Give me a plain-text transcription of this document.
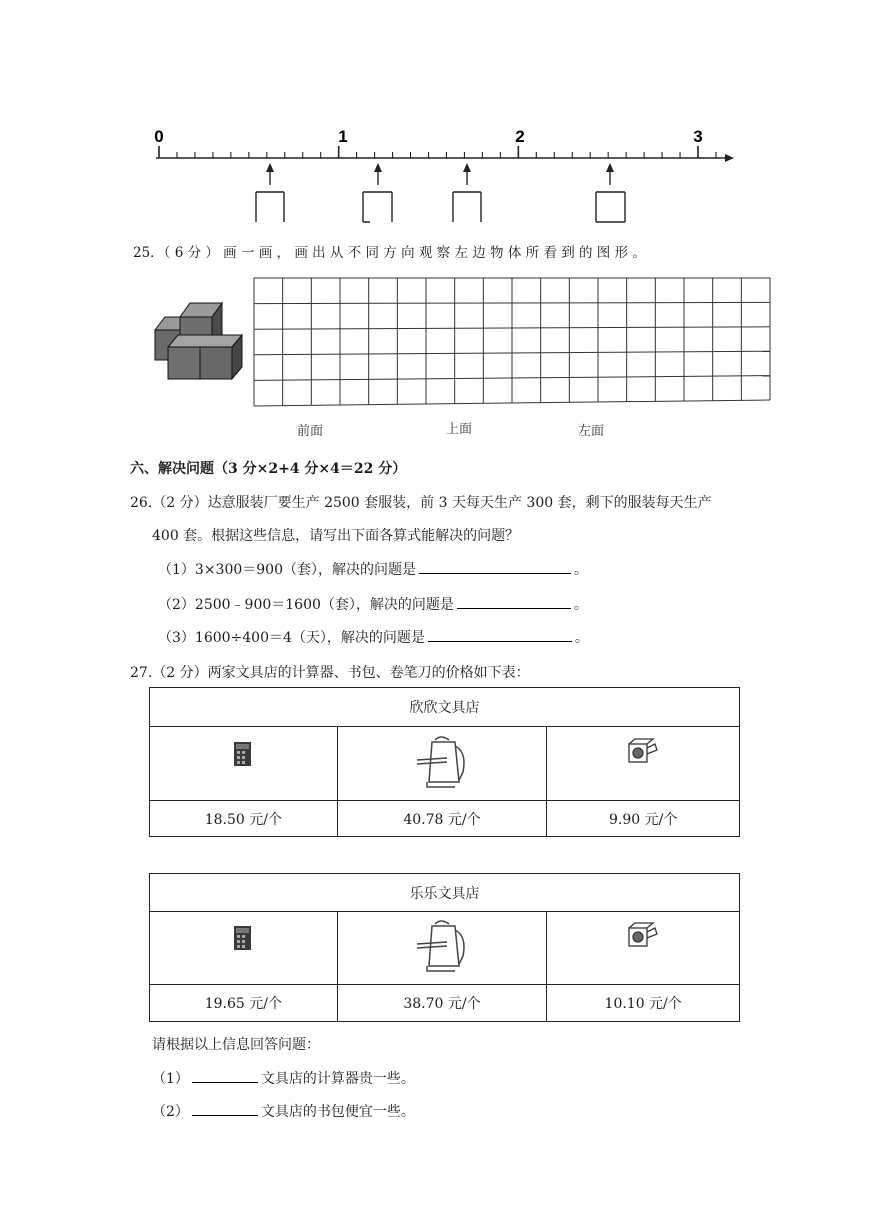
0	1	2	3
25．（ 6 分 ） 画 一 画 ， 画 出 从 不 同 方 向 观 察 左 边 物 体 所 看 到 的 图 形 。
前面	上面	左面
六、解决问题（3 分×2+4 分×4＝22 分）
26.（2 分）达意服装厂要生产 2500 套服装，前 3 天每天生产 300 套，剩下的服装每天生产
400 套。根据这些信息，请写出下面各算式能解决的问题？
（1）3×300＝900（套），解决的问题是	。
（2）2500﹣900＝1600（套），解决的问题是	。
（3）1600÷400＝4（天），解决的问题是	。
27.（2 分）两家文具店的计算器、书包、卷笔刀的价格如下表：
欣欣文具店		

18.50 元/个	40.78 元/个	9.90 元/个
乐乐文具店		

19.65 元/个	38.70 元/个	10.10 元/个
请根据以上信息回答问题：
（1）	文具店的计算器贵一些。
（2）	文具店的书包便宜一些。
